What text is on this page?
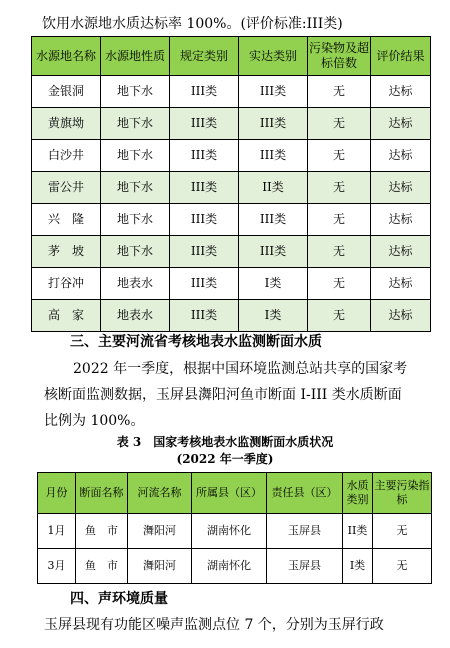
饮用水源地水质达标率 100%。(评价标准:III类)
水源地名称	水源地性质	规定类别	实达类别	污染物及超标倍数	评价结果
金银洞	地下水	III类	III类	无	达标
黄旗坳	地下水	III类	III类	无	达标
白沙井	地下水	III类	III类	无	达标
雷公井	地下水	III类	II类	无	达标
兴　隆	地下水	III类	III类	无	达标
茅　坡	地下水	III类	III类	无	达标
打谷冲	地表水	III类	I类	无	达标
高　家	地表水	III类	I类	无	达标
三、主要河流省考核地表水监测断面水质
2022 年一季度，根据中国环境监测总站共享的国家考
核断面监测数据，玉屏县㵲阳河鱼市断面 I-III 类水质断面
比例为 100%。
表 3　国家考核地表水监测断面水质状况
(2022 年一季度)
月份	断面名称	河流名称	所属县（区）	责任县（区）	水质类别	主要污染指标
1月	鱼　市	㵲阳河	湖南怀化	玉屏县	II类	无
3月	鱼　市	㵲阳河	湖南怀化	玉屏县	I类	无
四、声环境质量
玉屏县现有功能区噪声监测点位 7 个，分别为玉屏行政
